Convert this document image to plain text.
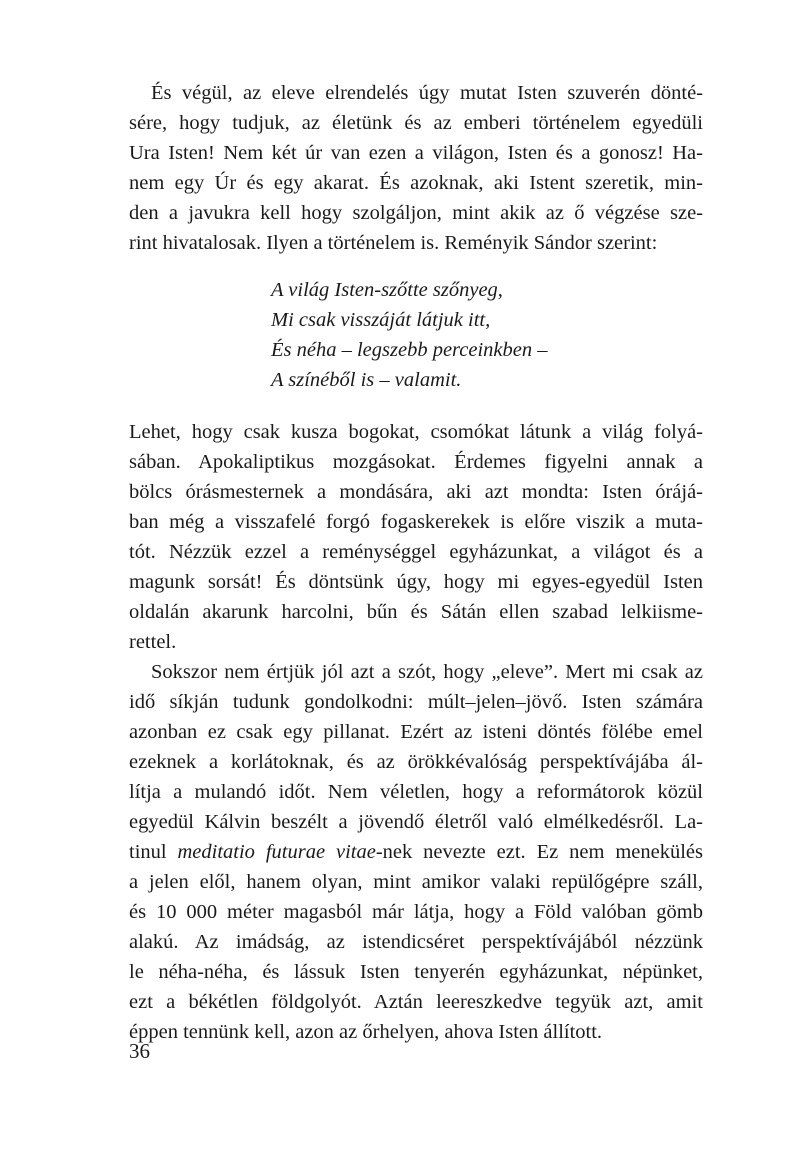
És végül, az eleve elrendelés úgy mutat Isten szuverén dönté-
sére, hogy tudjuk, az életünk és az emberi történelem egyedüli
Ura Isten! Nem két úr van ezen a világon, Isten és a gonosz! Ha-
nem egy Úr és egy akarat. És azoknak, aki Istent szeretik, min-
den a javukra kell hogy szolgáljon, mint akik az ő végzése sze-
rint hivatalosak. Ilyen a történelem is. Reményik Sándor szerint:
A világ Isten-szőtte szőnyeg,
Mi csak visszáját látjuk itt,
És néha – legszebb perceinkben –
A színéből is – valamit.
Lehet, hogy csak kusza bogokat, csomókat látunk a világ folyá-
sában. Apokaliptikus mozgásokat. Érdemes figyelni annak a
bölcs órásmesternek a mondására, aki azt mondta: Isten órájá-
ban még a visszafelé forgó fogaskerekek is előre viszik a muta-
tót. Nézzük ezzel a reménységgel egyházunkat, a világot és a
magunk sorsát! És döntsünk úgy, hogy mi egyes-egyedül Isten
oldalán akarunk harcolni, bűn és Sátán ellen szabad lelkiisme-
rettel.
Sokszor nem értjük jól azt a szót, hogy „eleve”. Mert mi csak az
idő síkján tudunk gondolkodni: múlt–jelen–jövő. Isten számára
azonban ez csak egy pillanat. Ezért az isteni döntés fölébe emel
ezeknek a korlátoknak, és az örökkévalóság perspektívájába ál-
lítja a mulandó időt. Nem véletlen, hogy a reformátorok közül
egyedül Kálvin beszélt a jövendő életről való elmélkedésről. La-
tinul meditatio futurae vitae-nek nevezte ezt. Ez nem menekülés
a jelen elől, hanem olyan, mint amikor valaki repülőgépre száll,
és 10 000 méter magasból már látja, hogy a Föld valóban gömb
alakú. Az imádság, az istendicséret perspektívájából nézzünk
le néha-néha, és lássuk Isten tenyerén egyházunkat, népünket,
ezt a békétlen földgolyót. Aztán leereszkedve tegyük azt, amit
éppen tennünk kell, azon az őrhelyen, ahova Isten állított.
36
